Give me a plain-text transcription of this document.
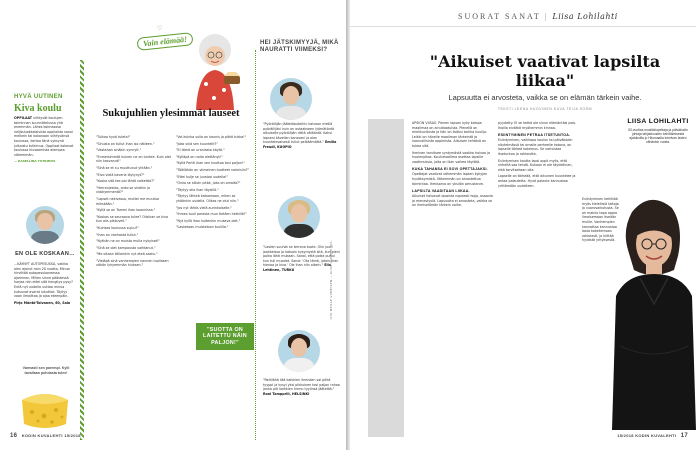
HYVÄ UUTINEN
Kiva koulu
OPPILAAT viihtyvät koulujen toiminnan suunnittelussa yhä enemmän. Lähes kolmasosa neljäsluokkalaisista oppilaista sanoi melkein tai kokonaan viihtyvänsä koulussa, kertoo tänä syksynä julkaistu tutkimus. Oppilaat kokevat koulussa kiusaamista aiempaa vähemmän.
— KASELLINA TUTKIMUS
EN OLE KOSKAAN…

…KÄYNYT AUTOPESUSSA, vaikka olen ajanut noin 20 vuotta. Minua hirvittää autopesukoneessa ajaminen. Millen sinne päästessä harjaa niin ettei sitä hengitys pysy? Entä nyt uudella uuttaa minua kutsuvat avarat lukutilat. Täytyy vaan ilmoittaa ja ajaa eteenpäin.

Pirjo Mäntö-Tolvanen, 60, Salo

Varmasti sen parempi. Kylli tavallaan puhdasta tulee!
♡
Vain elämää!
Sukujuhlien ylesimmät lauseet

"Tulkoo hyvä tuleta!"

"Sinusta on tullut ihan iso nätieen."

"Vastahan sinäkin synnyit."

"Enmeisimmät kuinen ne on tuntee. Kuin olet niin kasvanut!"

"Sinä se et su muuttunut yhtään."

"Eivo vielä kaveria löytynyt?"

"Koska sitä tee pai lähtö vaikeitta?"

"Herranjestas, onko se sinäkin ja viisikymmentä?"

"Lapset nekivassa, muttei me muutua mikskään."

"Kyllä se on Tommi ihan koonnissa."

"Koskas se seuraava tulee? Olisihan se kiva kun olis pikkuveli."

"Kuinkas koulussa sujuu?"

"Ihan on vanhasta tullut."

"Nythän ne on muista mulla nykyiset!"

"Sinä se olet kampausta vaihtanut."

"Me oltaan tällainkin nyt eteä saatu."

"Vieläpä sinä vanhempien nannen tuollasen vähän lyhyemmän hiuksen."

"Voi kuinka sulla on kaunis ja pitkä tukka!"

"Joko sinä sen kuuntelit?"

"Ei tämä on uranlasta käytä."

"Kylläpä on noita elettänyt!"

"Kyllä Pertti ihan sen kuuttaa tosi paljon!"

"Täällähän on viimeinen tuotteet naimisiin?"

"Ettei kulje se juustoa uudella!"

"Onko se silloin pitkä, joka on omalta?"

"Täytyy olla ihan täysillä."

"Täytyy lähteä katsomaan, miten se yhäänkin uudella. Olikas ne olut niin."

"Jos nyt lähtis vielä aurinkoiselle."

"Ihmes tuuli parasta mun tietäen hetkillä!"

"Nyt kyllä ihan kuitenkin mukava olet."

"Lasketaan muisteloon tuulilla."

"SUOTTA ON LAITETTU NÄIN PALJON!"
HEI JÄTSKIMYYJÄ, MIKÄ NAURATTI VIIMEKSI?
"Pyöräilijän jäätelöautoihin kalvoon meillä pyöräilijäni kuin on ostaakseen lyömätöntä aikuiselle pyöräilijän rättä välitöntä. Kaksi lapseni kävellen kanssani ja olen kuuntelevaisesti tullut pelkäämättä." Emilia Freudi, KUOPIO
"Lasten suuhat se terrona tuote. Olin juuri jaokkeissa ja katsoin kysymystä sitä, kun pieni poika lähti mukaan. Sanoi, että poika puhui kun tuli muodot. Sanoi: 'Ota tämä, jotain ihan hienoa ja kiva.' Ole ihan niin oikein." Ella Lehtinen, TURKU
"Reitilähti tää kaikkien ihmisten sai pitkä tyyppi ja kysyi yksi pikkuinen tosi paljon rahaa jonka piti kaikkien hirmu tyylinsä jäätelöä." Roni Tampprili, HELSINKI
OTA MEILLE VIIMEISEN — KUVA OLEMME JOS.
16 KODIN KUVALEHTI 15/2018
SUORAT SANAT | Liisa Lohilahti
"Aikuiset vaativat lapsilta liikaa"
Lapsuutta ei arvosteta, vaikka se on elämän tärkein vaihe.
TEKSTI LEENA HUOVINEN KUVA TEIJA SORM

APSION VIISAS. Pienen lapsen kyky katsoa maailmaa on ainutlaatuista. Pienellä on mielikuvitusta ja hän on lisäksi tarkka kuulija. Leikki on hänelle maailman tärkeintä ja luonnollisinta oppimista. Aikuisen tehtävä on tukea sitä.

Ihminen tarvitsee syntymästä saakka hoivaa ja huolenpitoa. Koulumaailma asettaa lapsille vaatimuksia, joita on liian vaikea täyttää.

KUKA TAHANSA EI SOVI OPETTAJAKSI.

Opettajat vaativat vähemmän lapsen kykyjen hyväksymistä. Vähemmän on arvostettua toimintaa. Ihmisarvo on yksilön perustarve.

LAPSILTA VAADITAAN LIIKAA.

Aikuiset haluavat lapsista nopeasti isoja, osaavia ja menestyviä. Lapsuutta ei arvosteta, vaikka se on ihmiselämän tärkein vaihe.

pyydetty. Ei se ketkä ole sinun elämäntäsi pois. Ihailla eivätkä myöhemmin kinnaa.

ESIINTYMINEN PETRAA ITSETUNTOA.

Esiintyminen, vaikkapa koulun tai päiväkodin näytelmässä tai omalle perheelle kotona, on lapselle tärkeä kokemus. Se vahvistaa itsetuntoa ja rohkeutta.

Esiintymisen kautta lapsi oppii myös, että virheitä saa tehdä. Kukaan ei ole täydellinen, eikä tarvitsekaan olla.

Lapselle on tärkeää, että aikuinen kuuntelee ja antaa palautetta. Hyvä palaute kannustaa yrittämään uudelleen.

Esiintyminen kehittää myös kielellisiä taitoja ja vuorovaikutusta. Se on mainio tapa oppia ilmaisemaan itseään muille. Vanhempien kannattaa kannustaa lasta kokeilemaan rohkeasti, ja kiittää hyvästä yrityksestä.

LIISA LOHILAHTI
53-vuotias musiikkiopettaja ja päiväkodin johtaja lahjakkuuden kehittämisestä ajatuksilla jo Hiiumaalla toimivan lasten vähänkin vuotta.
15/2018 KODIN KUVALEHTI 17
